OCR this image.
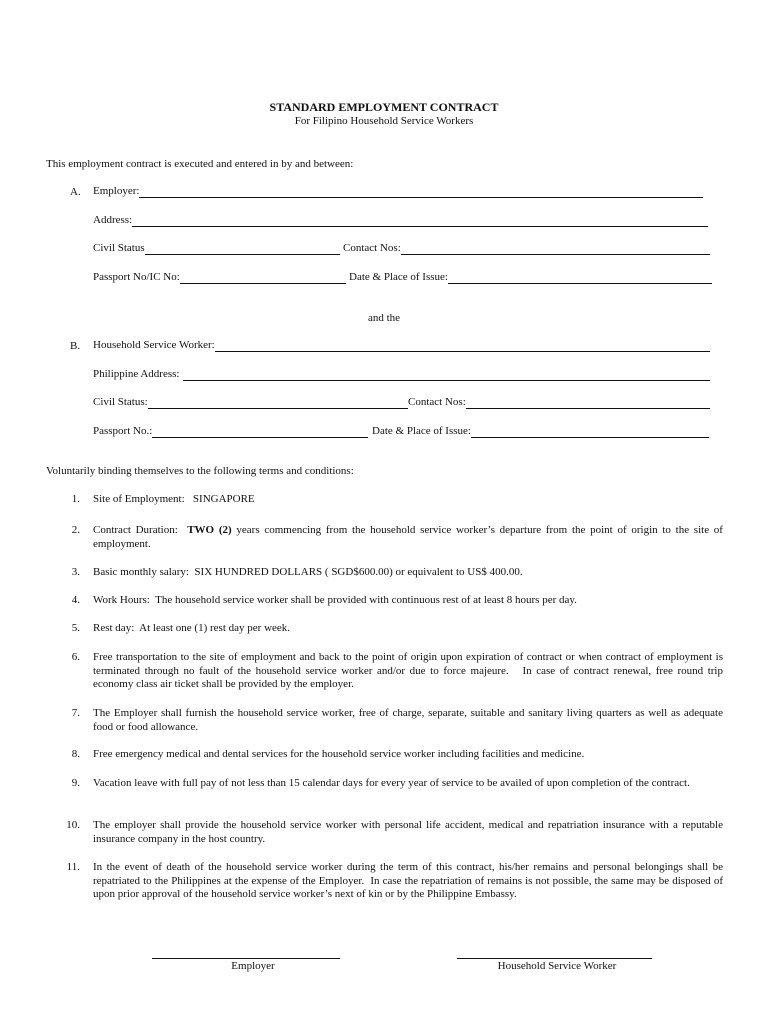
STANDARD EMPLOYMENT CONTRACT
For Filipino Household Service Workers
This employment contract is executed and entered in by and between:
A. Employer:
Address:
Civil Status	Contact Nos:
Passport No/IC No:	Date & Place of Issue:
and the
B. Household Service Worker:
Philippine Address:
Civil Status:	Contact Nos:
Passport No.:	Date & Place of Issue:
Voluntarily binding themselves to the following terms and conditions:
1. Site of Employment:   SINGAPORE
2. Contract Duration:  TWO (2) years commencing from the household service worker’s departure from the point of origin to the site of employment.
3. Basic monthly salary:  SIX HUNDRED DOLLARS ( SGD$600.00) or equivalent to US$ 400.00.
4. Work Hours:  The household service worker shall be provided with continuous rest of at least 8 hours per day.
5. Rest day:  At least one (1) rest day per week.
6. Free transportation to the site of employment and back to the point of origin upon expiration of contract or when contract of employment is terminated through no fault of the household service worker and/or due to force majeure.   In case of contract renewal, free round trip economy class air ticket shall be provided by the employer.
7. The Employer shall furnish the household service worker, free of charge, separate, suitable and sanitary living quarters as well as adequate food or food allowance.
8. Free emergency medical and dental services for the household service worker including facilities and medicine.
9. Vacation leave with full pay of not less than 15 calendar days for every year of service to be availed of upon completion of the contract.
10. The employer shall provide the household service worker with personal life accident, medical and repatriation insurance with a reputable insurance company in the host country.
11. In the event of death of the household service worker during the term of this contract, his/her remains and personal belongings shall be repatriated to the Philippines at the expense of the Employer.  In case the repatriation of remains is not possible, the same may be disposed of upon prior approval of the household service worker’s next of kin or by the Philippine Embassy.
Employer	Household Service Worker
